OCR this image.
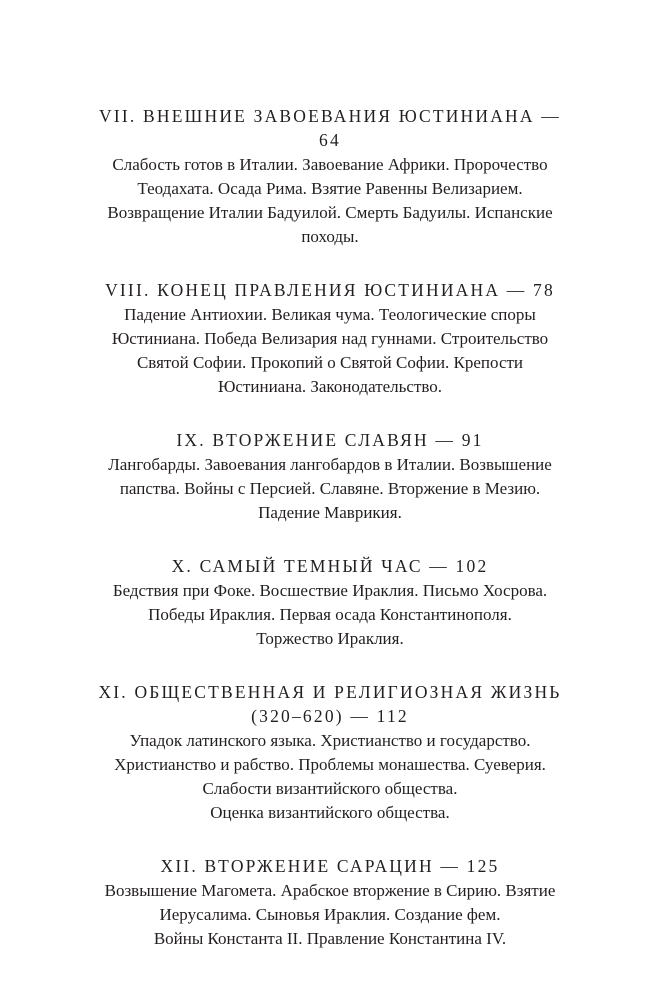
VII. ВНЕШНИЕ ЗАВОЕВАНИЯ ЮСТИНИАНА —
64
Слабость готов в Италии. Завоевание Африки. Пророчество
Теодахата. Осада Рима. Взятие Равенны Велизарием.
Возвращение Италии Бадуилой. Смерть Бадуилы. Испанские
походы.
VIII. КОНЕЦ ПРАВЛЕНИЯ ЮСТИНИАНА — 78
Падение Антиохии. Великая чума. Теологические споры
Юстиниана. Победа Велизария над гуннами. Строительство
Святой Софии. Прокопий о Святой Софии. Крепости
Юстиниана. Законодательство.
IX. ВТОРЖЕНИЕ СЛАВЯН — 91
Лангобарды. Завоевания лангобардов в Италии. Возвышение
папства. Войны с Персией. Славяне. Вторжение в Мезию.
Падение Маврикия.
X. САМЫЙ ТЕМНЫЙ ЧАС — 102
Бедствия при Фоке. Восшествие Ираклия. Письмо Хосрова.
Победы Ираклия. Первая осада Константинополя.
Торжество Ираклия.
XI. ОБЩЕСТВЕННАЯ И РЕЛИГИОЗНАЯ ЖИЗНЬ
(320–620) — 112
Упадок латинского языка. Христианство и государство.
Христианство и рабство. Проблемы монашества. Суеверия.
Слабости византийского общества.
Оценка византийского общества.
XII. ВТОРЖЕНИЕ САРАЦИН — 125
Возвышение Магомета. Арабское вторжение в Сирию. Взятие
Иерусалима. Сыновья Ираклия. Создание фем.
Войны Константа II. Правление Константина IV.
